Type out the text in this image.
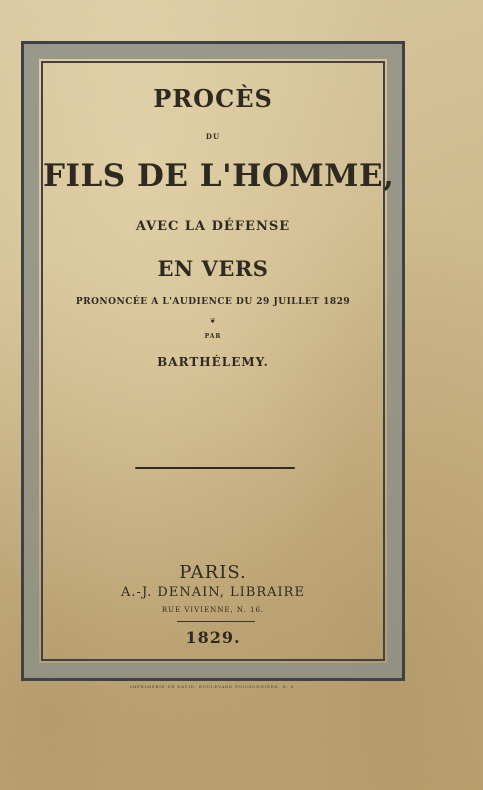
PROCÈS
DU
FILS DE L'HOMME,
AVEC LA DÉFENSE
EN VERS
PRONONCÉE A L'AUDIENCE DU 29 JUILLET 1829
❦
PAR
BARTHÉLEMY.
PARIS.
A.-J. DENAIN, LIBRAIRE
RUE VIVIENNE, N. 16.
1829.
IMPRIMERIE DE DAVID, BOULEVARD POISSONNIÈRE, N. 6.
